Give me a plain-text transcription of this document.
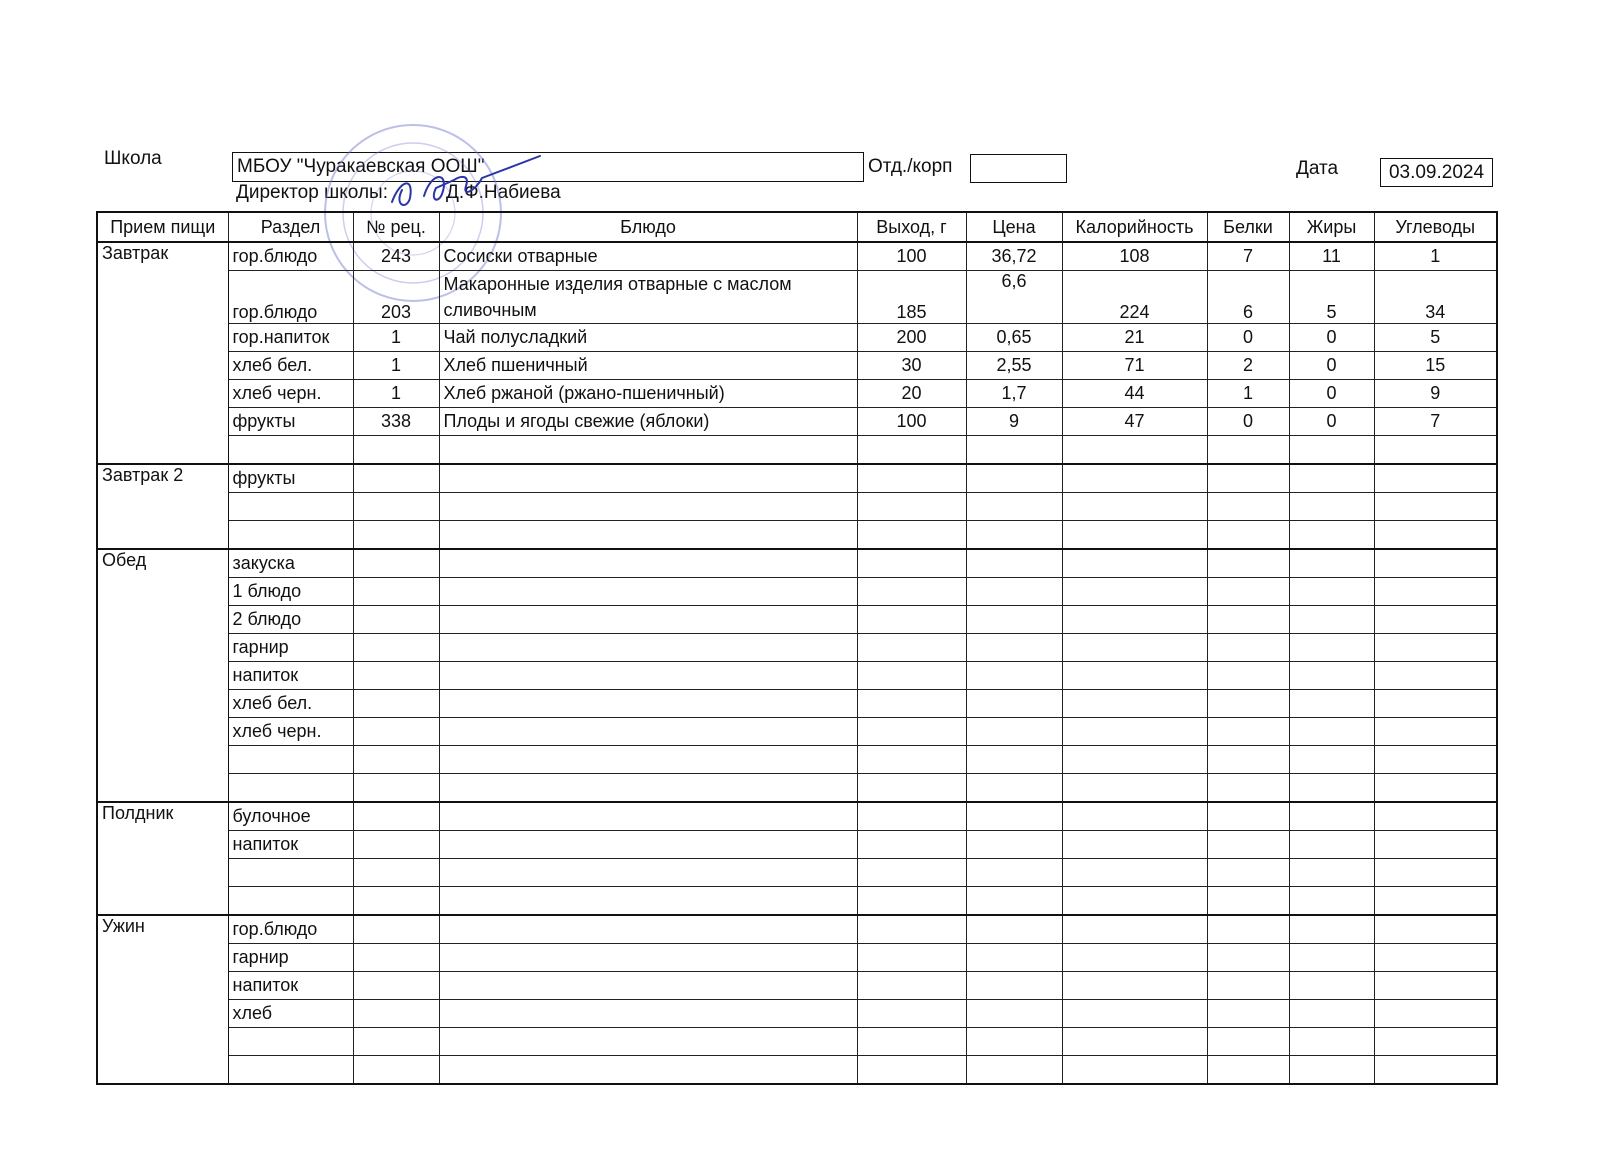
Школа	МБОУ "Чуракаевская ООШ"	Отд./корп	Дата	03.09.2024
Директор школы:	Д.Ф.Набиева
Прием пищи	Раздел	№ рец.	Блюдо	Выход, г	Цена	Калорийность	Белки	Жиры	Углеводы
Завтрак	гор.блюдо	243	Сосиски отварные	100	36,72	108	7	11	1
	гор.блюдо	203	Макаронные изделия отварные с маслом сливочным	185	6,6	224	6	5	34
	гор.напиток	1	Чай полусладкий	200	0,65	21	0	0	5
	хлеб бел.	1	Хлеб пшеничный	30	2,55	71	2	0	15
	хлеб черн.	1	Хлеб ржаной (ржано-пшеничный)	20	1,7	44	1	0	9
	фрукты	338	Плоды и ягоды свежие (яблоки)	100	9	47	0	0	7

Завтрак 2	фрукты								

Обед	закуска								
	1 блюдо								
	2 блюдо								
	гарнир								
	напиток								
	хлеб бел.								
	хлеб черн.								

Полдник	булочное								
	напиток								

Ужин	гор.блюдо								
	гарнир								
	напиток								
	хлеб								
